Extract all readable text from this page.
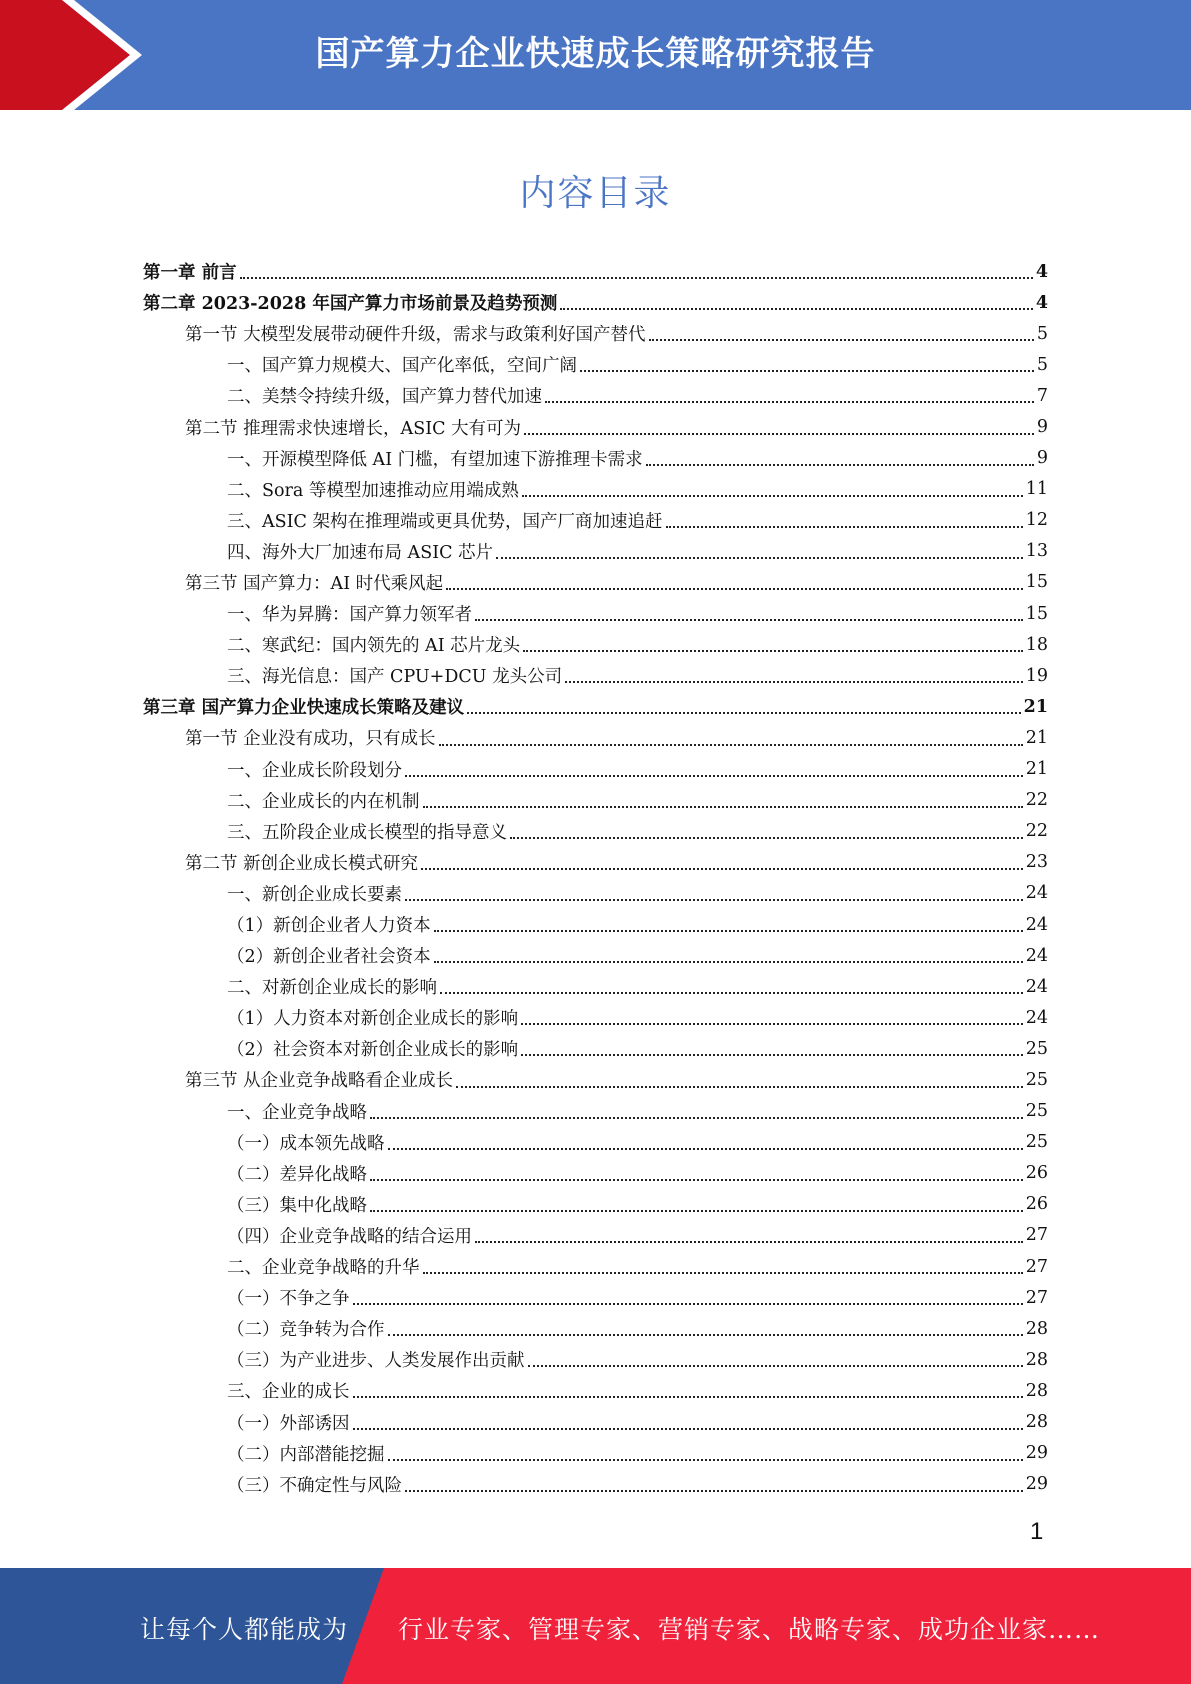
国产算力企业快速成长策略研究报告
内容目录
第一章 前言	4
第二章 2023-2028 年国产算力市场前景及趋势预测	4
第一节 大模型发展带动硬件升级，需求与政策利好国产替代	5
一、国产算力规模大、国产化率低，空间广阔	5
二、美禁令持续升级，国产算力替代加速	7
第二节 推理需求快速增长，ASIC 大有可为	9
一、开源模型降低 AI 门槛，有望加速下游推理卡需求	9
二、Sora 等模型加速推动应用端成熟	11
三、ASIC 架构在推理端或更具优势，国产厂商加速追赶	12
四、海外大厂加速布局 ASIC 芯片	13
第三节 国产算力：AI 时代乘风起	15
一、华为昇腾：国产算力领军者	15
二、寒武纪：国内领先的 AI 芯片龙头	18
三、海光信息：国产 CPU+DCU 龙头公司	19
第三章 国产算力企业快速成长策略及建议	21
第一节 企业没有成功，只有成长	21
一、企业成长阶段划分	21
二、企业成长的内在机制	22
三、五阶段企业成长模型的指导意义	22
第二节 新创企业成长模式研究	23
一、新创企业成长要素	24
（1）新创企业者人力资本	24
（2）新创企业者社会资本	24
二、对新创企业成长的影响	24
（1）人力资本对新创企业成长的影响	24
（2）社会资本对新创企业成长的影响	25
第三节 从企业竞争战略看企业成长	25
一、企业竞争战略	25
（一）成本领先战略	25
（二）差异化战略	26
（三）集中化战略	26
（四）企业竞争战略的结合运用	27
二、企业竞争战略的升华	27
（一）不争之争	27
（二）竞争转为合作	28
（三）为产业进步、人类发展作出贡献	28
三、企业的成长	28
（一）外部诱因	28
（二）内部潜能挖掘	29
（三）不确定性与风险	29
1
让每个人都能成为 行业专家、管理专家、营销专家、战略专家、成功企业家……
